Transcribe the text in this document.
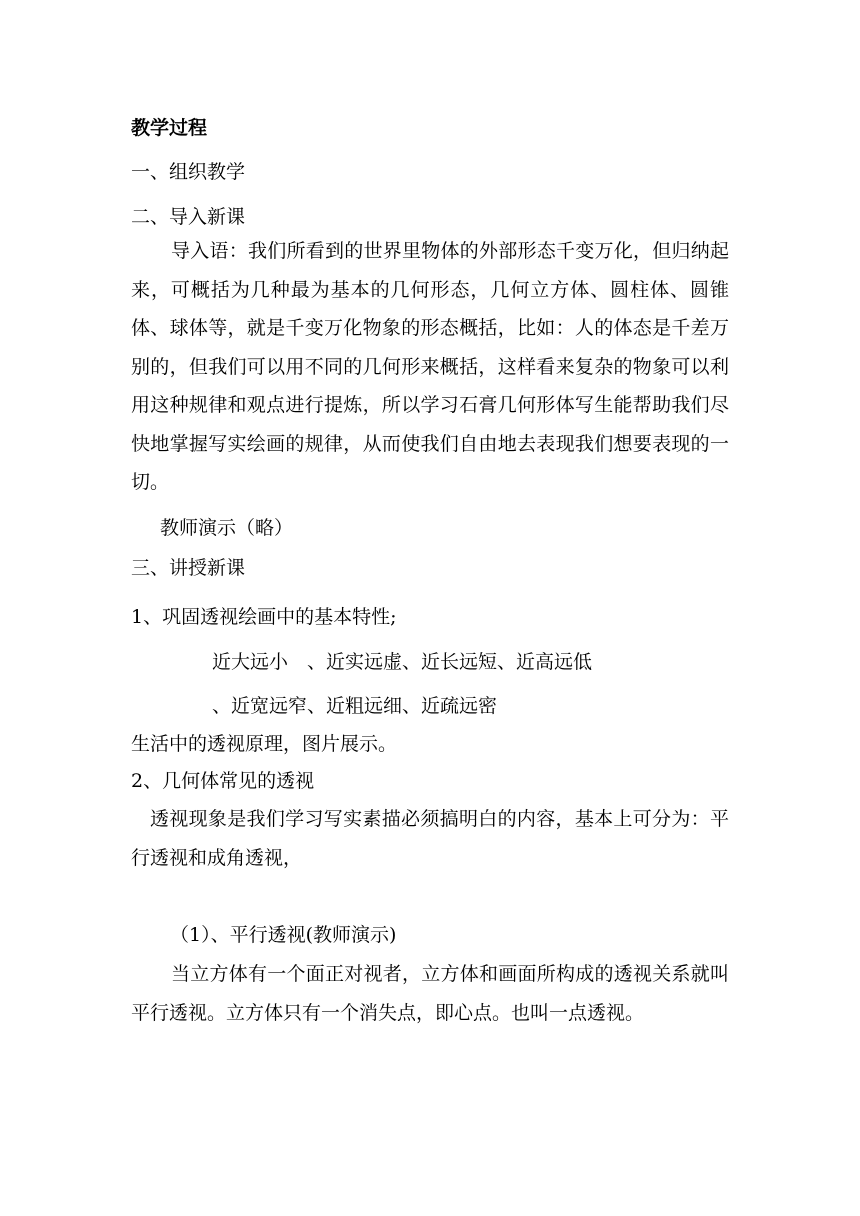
教学过程
一、组织教学
二、导入新课

导入语：我们所看到的世界里物体的外部形态千变万化，但归纳起来，可概括为几种最为基本的几何形态，几何立方体、圆柱体、圆锥体、球体等，就是千变万化物象的形态概括，比如：人的体态是千差万别的，但我们可以用不同的几何形来概括，这样看来复杂的物象可以利用这种规律和观点进行提炼，所以学习石膏几何形体写生能帮助我们尽快地掌握写实绘画的规律，从而使我们自由地去表现我们想要表现的一切。

教师演示（略）
三、讲授新课
1、巩固透视绘画中的基本特性;
近大远小　、近实远虚、近长远短、近高远低
、近宽远窄、近粗远细、近疏远密
生活中的透视原理，图片展示。
2、几何体常见的透视

透视现象是我们学习写实素描必须搞明白的内容，基本上可分为：平行透视和成角透视，

（1）、平行透视(教师演示)

当立方体有一个面正对视者，立方体和画面所构成的透视关系就叫平行透视。立方体只有一个消失点，即心点。也叫一点透视。
